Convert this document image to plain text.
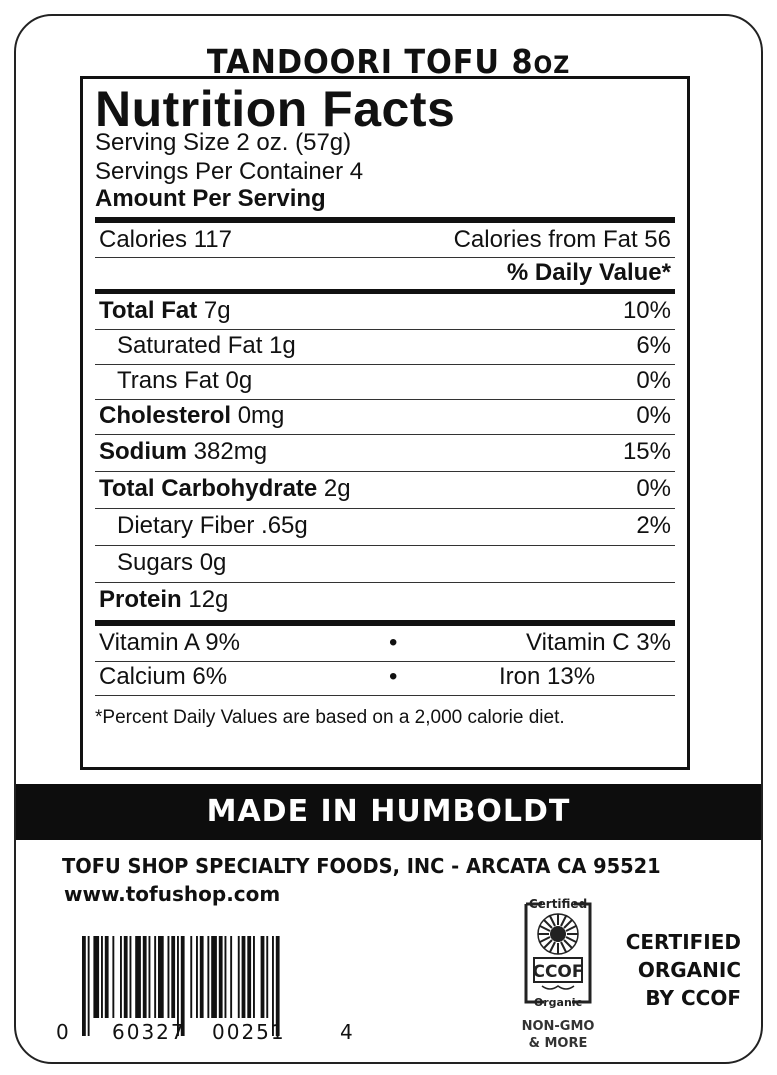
TANDOORI TOFU 8OZ
Nutrition Facts
Serving Size 2 oz. (57g)
Servings Per Container 4
Amount Per Serving
Calories 117	Calories from Fat 56
% Daily Value*
Total Fat 7g	10%
Saturated Fat 1g	6%
Trans Fat 0g	0%
Cholesterol 0mg	0%
Sodium 382mg	15%
Total Carbohydrate 2g	0%
Dietary Fiber .65g	2%
Sugars 0g
Protein 12g
Vitamin A 9%	•	Vitamin C 3%
Calcium 6%	•	Iron 13%
*Percent Daily Values are based on a 2,000 calorie diet.
MADE IN HUMBOLDT
TOFU SHOP SPECIALTY FOODS, INC - ARCATA CA 95521
www.tofushop.com
0 60327 00251	4
Certified
CCOF
Organic
NON-GMO
& MORE
CERTIFIED
ORGANIC
BY CCOF
